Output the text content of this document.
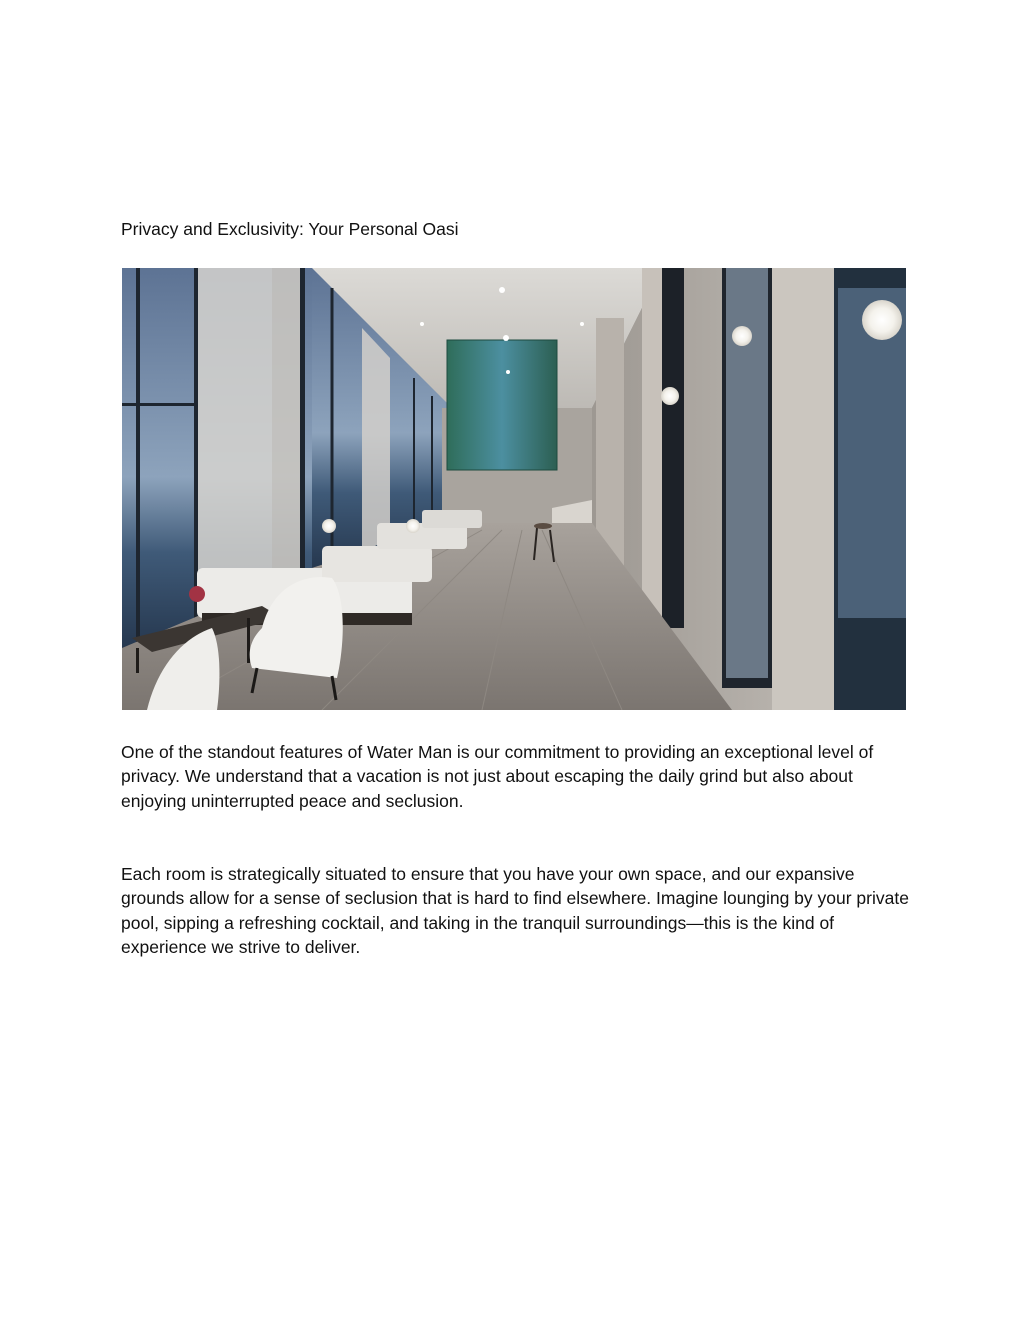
Privacy and Exclusivity: Your Personal Oasi

One of the standout features of Water Man is our commitment to providing an exceptional level of privacy. We understand that a vacation is not just about escaping the daily grind but also about enjoying uninterrupted peace and seclusion.

Each room is strategically situated to ensure that you have your own space, and our expansive grounds allow for a sense of seclusion that is hard to find elsewhere. Imagine lounging by your private pool, sipping a refreshing cocktail, and taking in the tranquil surroundings—this is the kind of experience we strive to deliver.
